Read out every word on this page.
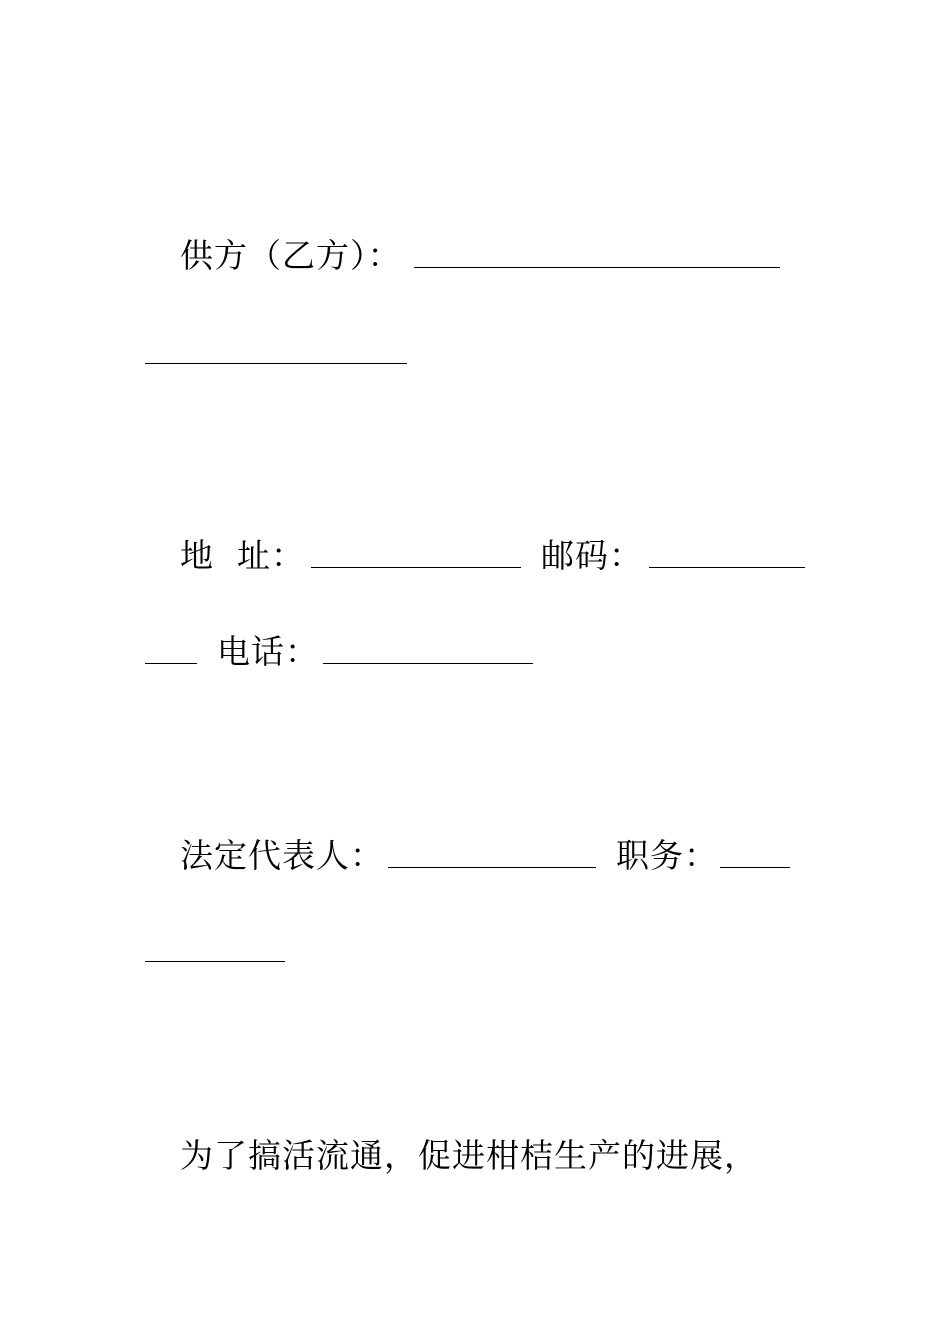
供方（乙方）：
地  址：	邮码：
电话：
法定代表人：	职务：
为了搞活流通，促进柑桔生产的进展，
